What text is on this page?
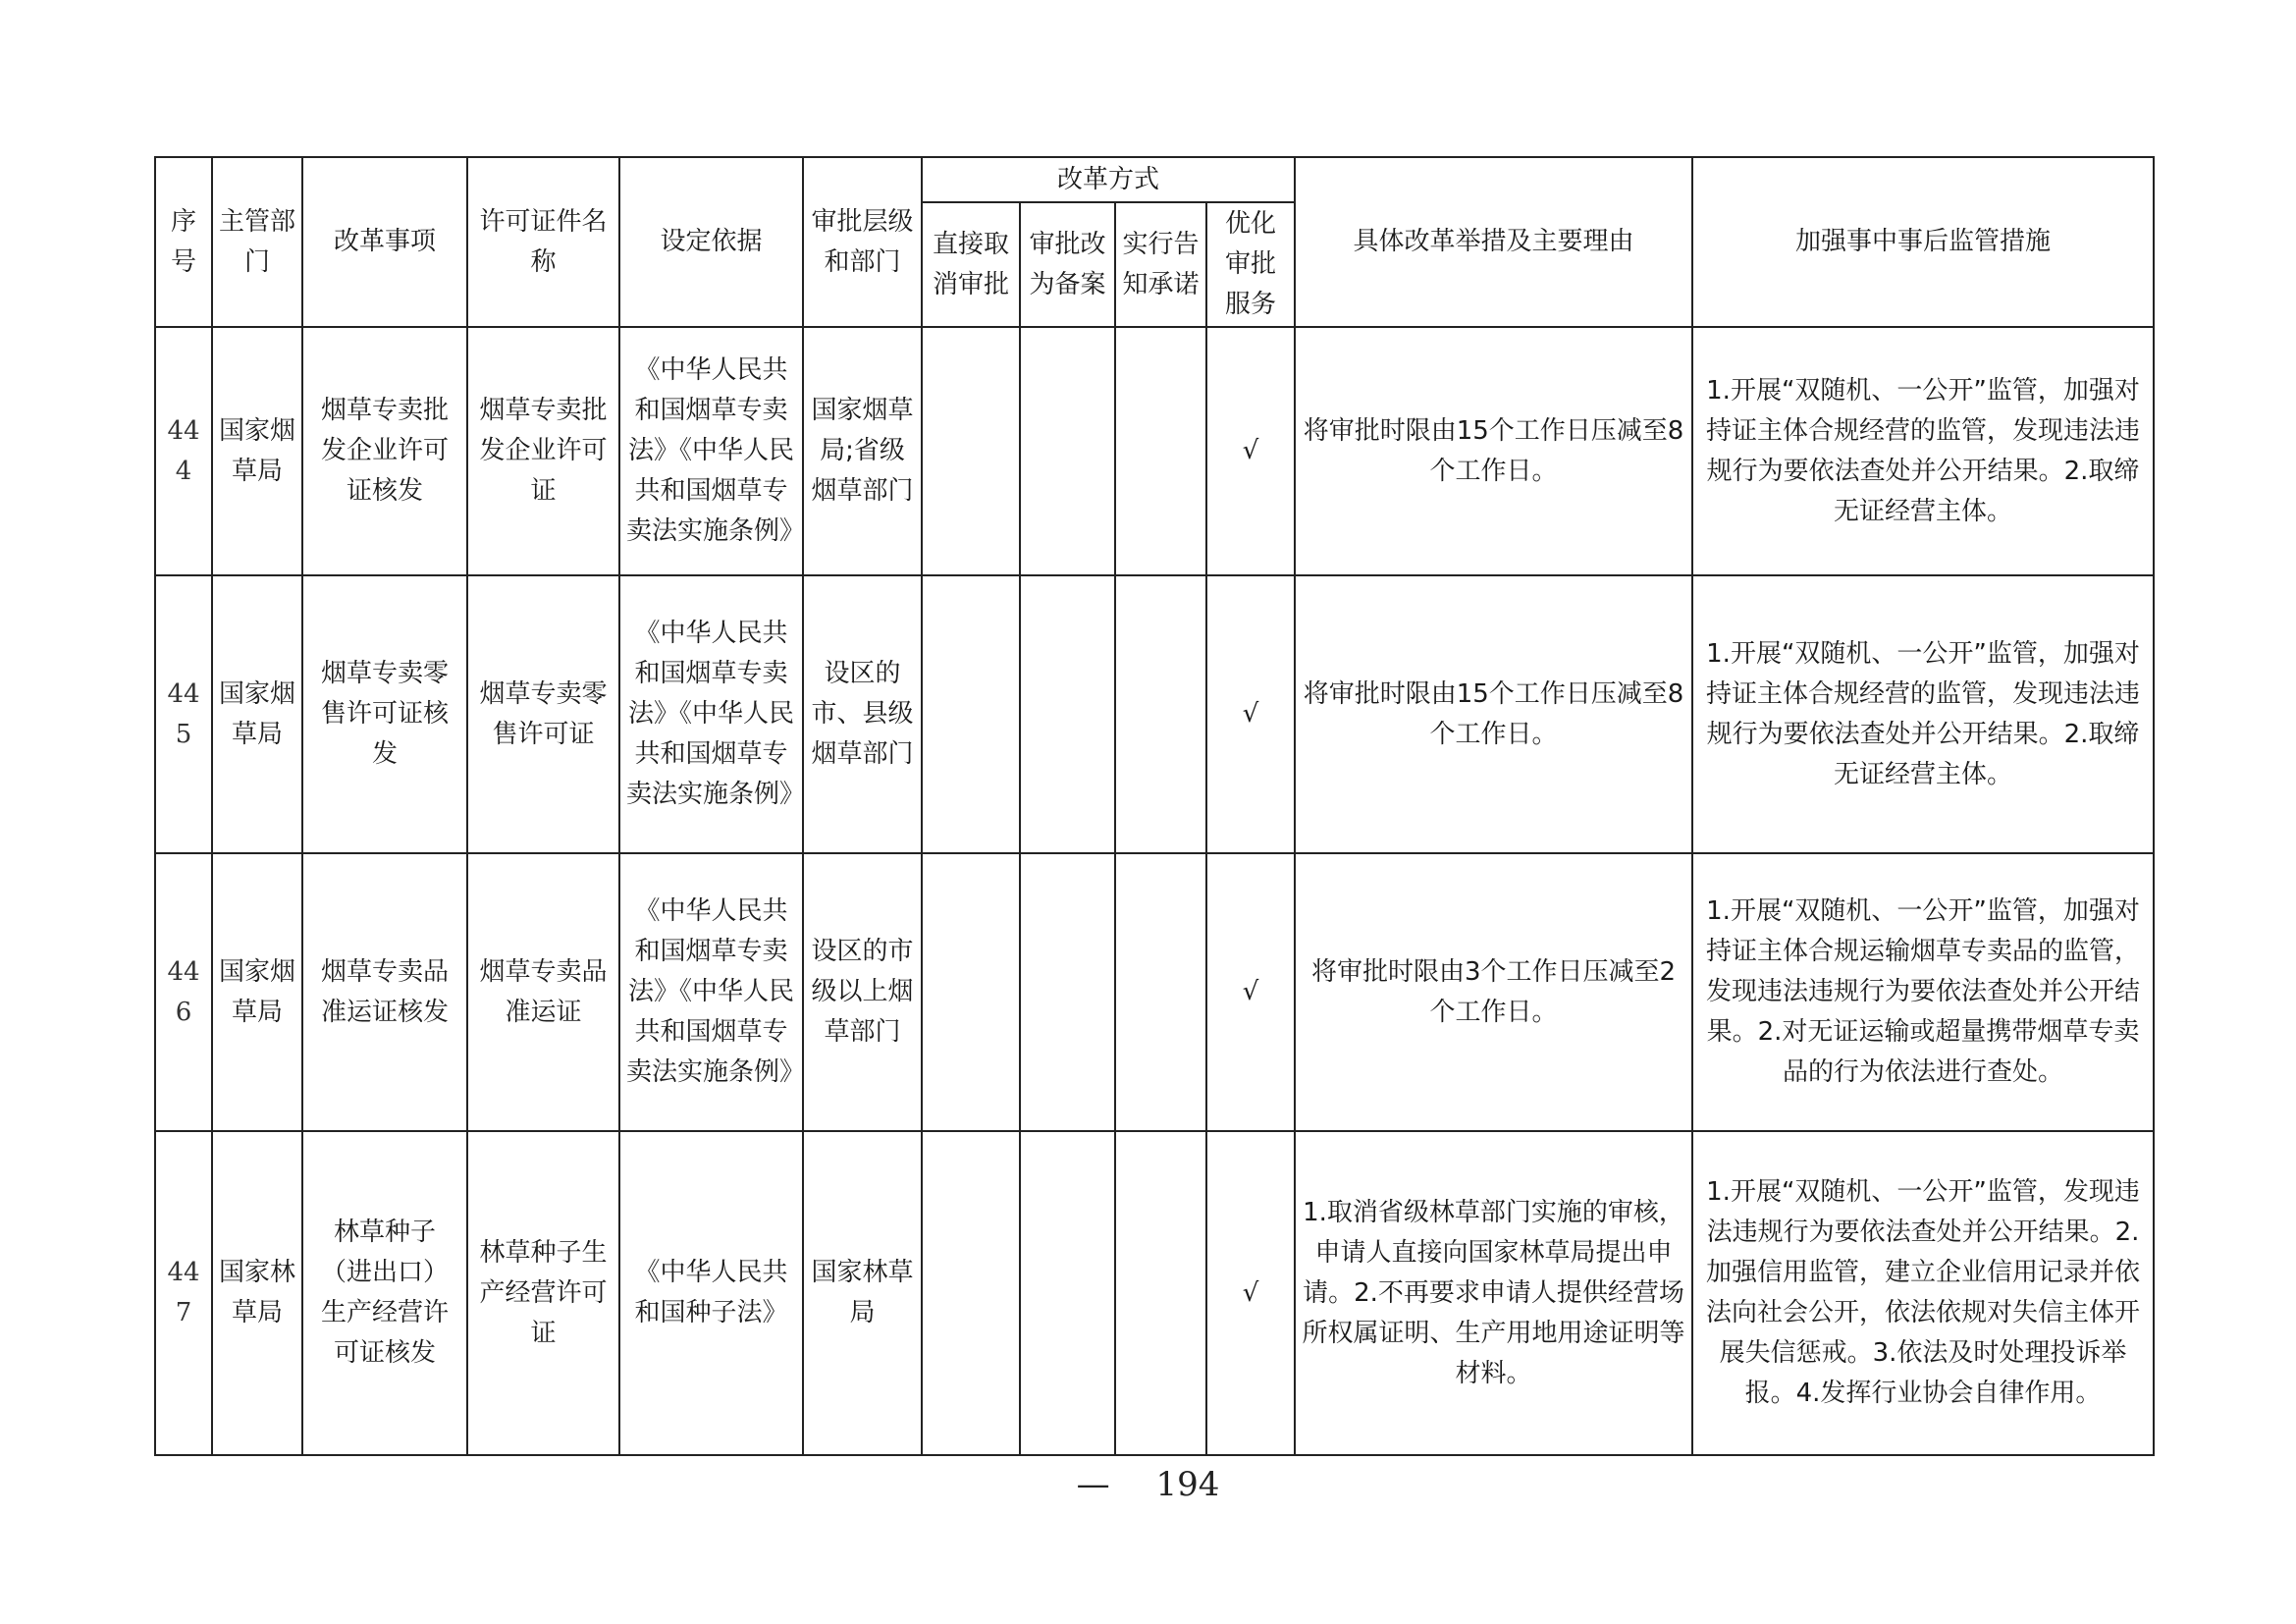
序号	主管部门	改革事项	许可证件名称	设定依据	审批层级和部门	改革方式				具体改革举措及主要理由	加强事中事后监管措施
						直接取消审批	审批改为备案	实行告知承诺	优化审批服务		
444	国家烟草局	烟草专卖批发企业许可证核发	烟草专卖批发企业许可证	《中华人民共和国烟草专卖法》《中华人民共和国烟草专卖法实施条例》	国家烟草局;省级烟草部门				√	将审批时限由15个工作日压减至8个工作日。	1.开展“双随机、一公开”监管，加强对持证主体合规经营的监管，发现违法违规行为要依法查处并公开结果。2.取缔无证经营主体。
445	国家烟草局	烟草专卖零售许可证核发	烟草专卖零售许可证	《中华人民共和国烟草专卖法》《中华人民共和国烟草专卖法实施条例》	设区的市、县级烟草部门				√	将审批时限由15个工作日压减至8个工作日。	1.开展“双随机、一公开”监管，加强对持证主体合规经营的监管，发现违法违规行为要依法查处并公开结果。2.取缔无证经营主体。
446	国家烟草局	烟草专卖品准运证核发	烟草专卖品准运证	《中华人民共和国烟草专卖法》《中华人民共和国烟草专卖法实施条例》	设区的市级以上烟草部门				√	将审批时限由3个工作日压减至2个工作日。	1.开展“双随机、一公开”监管，加强对持证主体合规运输烟草专卖品的监管，发现违法违规行为要依法查处并公开结果。2.对无证运输或超量携带烟草专卖品的行为依法进行查处。
447	国家林草局	林草种子（进出口）生产经营许可证核发	林草种子生产经营许可证	《中华人民共和国种子法》	国家林草局				√	1.取消省级林草部门实施的审核，申请人直接向国家林草局提出申请。2.不再要求申请人提供经营场所权属证明、生产用地用途证明等材料。	1.开展“双随机、一公开”监管，发现违法违规行为要依法查处并公开结果。2.加强信用监管，建立企业信用记录并依法向社会公开，依法依规对失信主体开展失信惩戒。3.依法及时处理投诉举报。4.发挥行业协会自律作用。
— 194
